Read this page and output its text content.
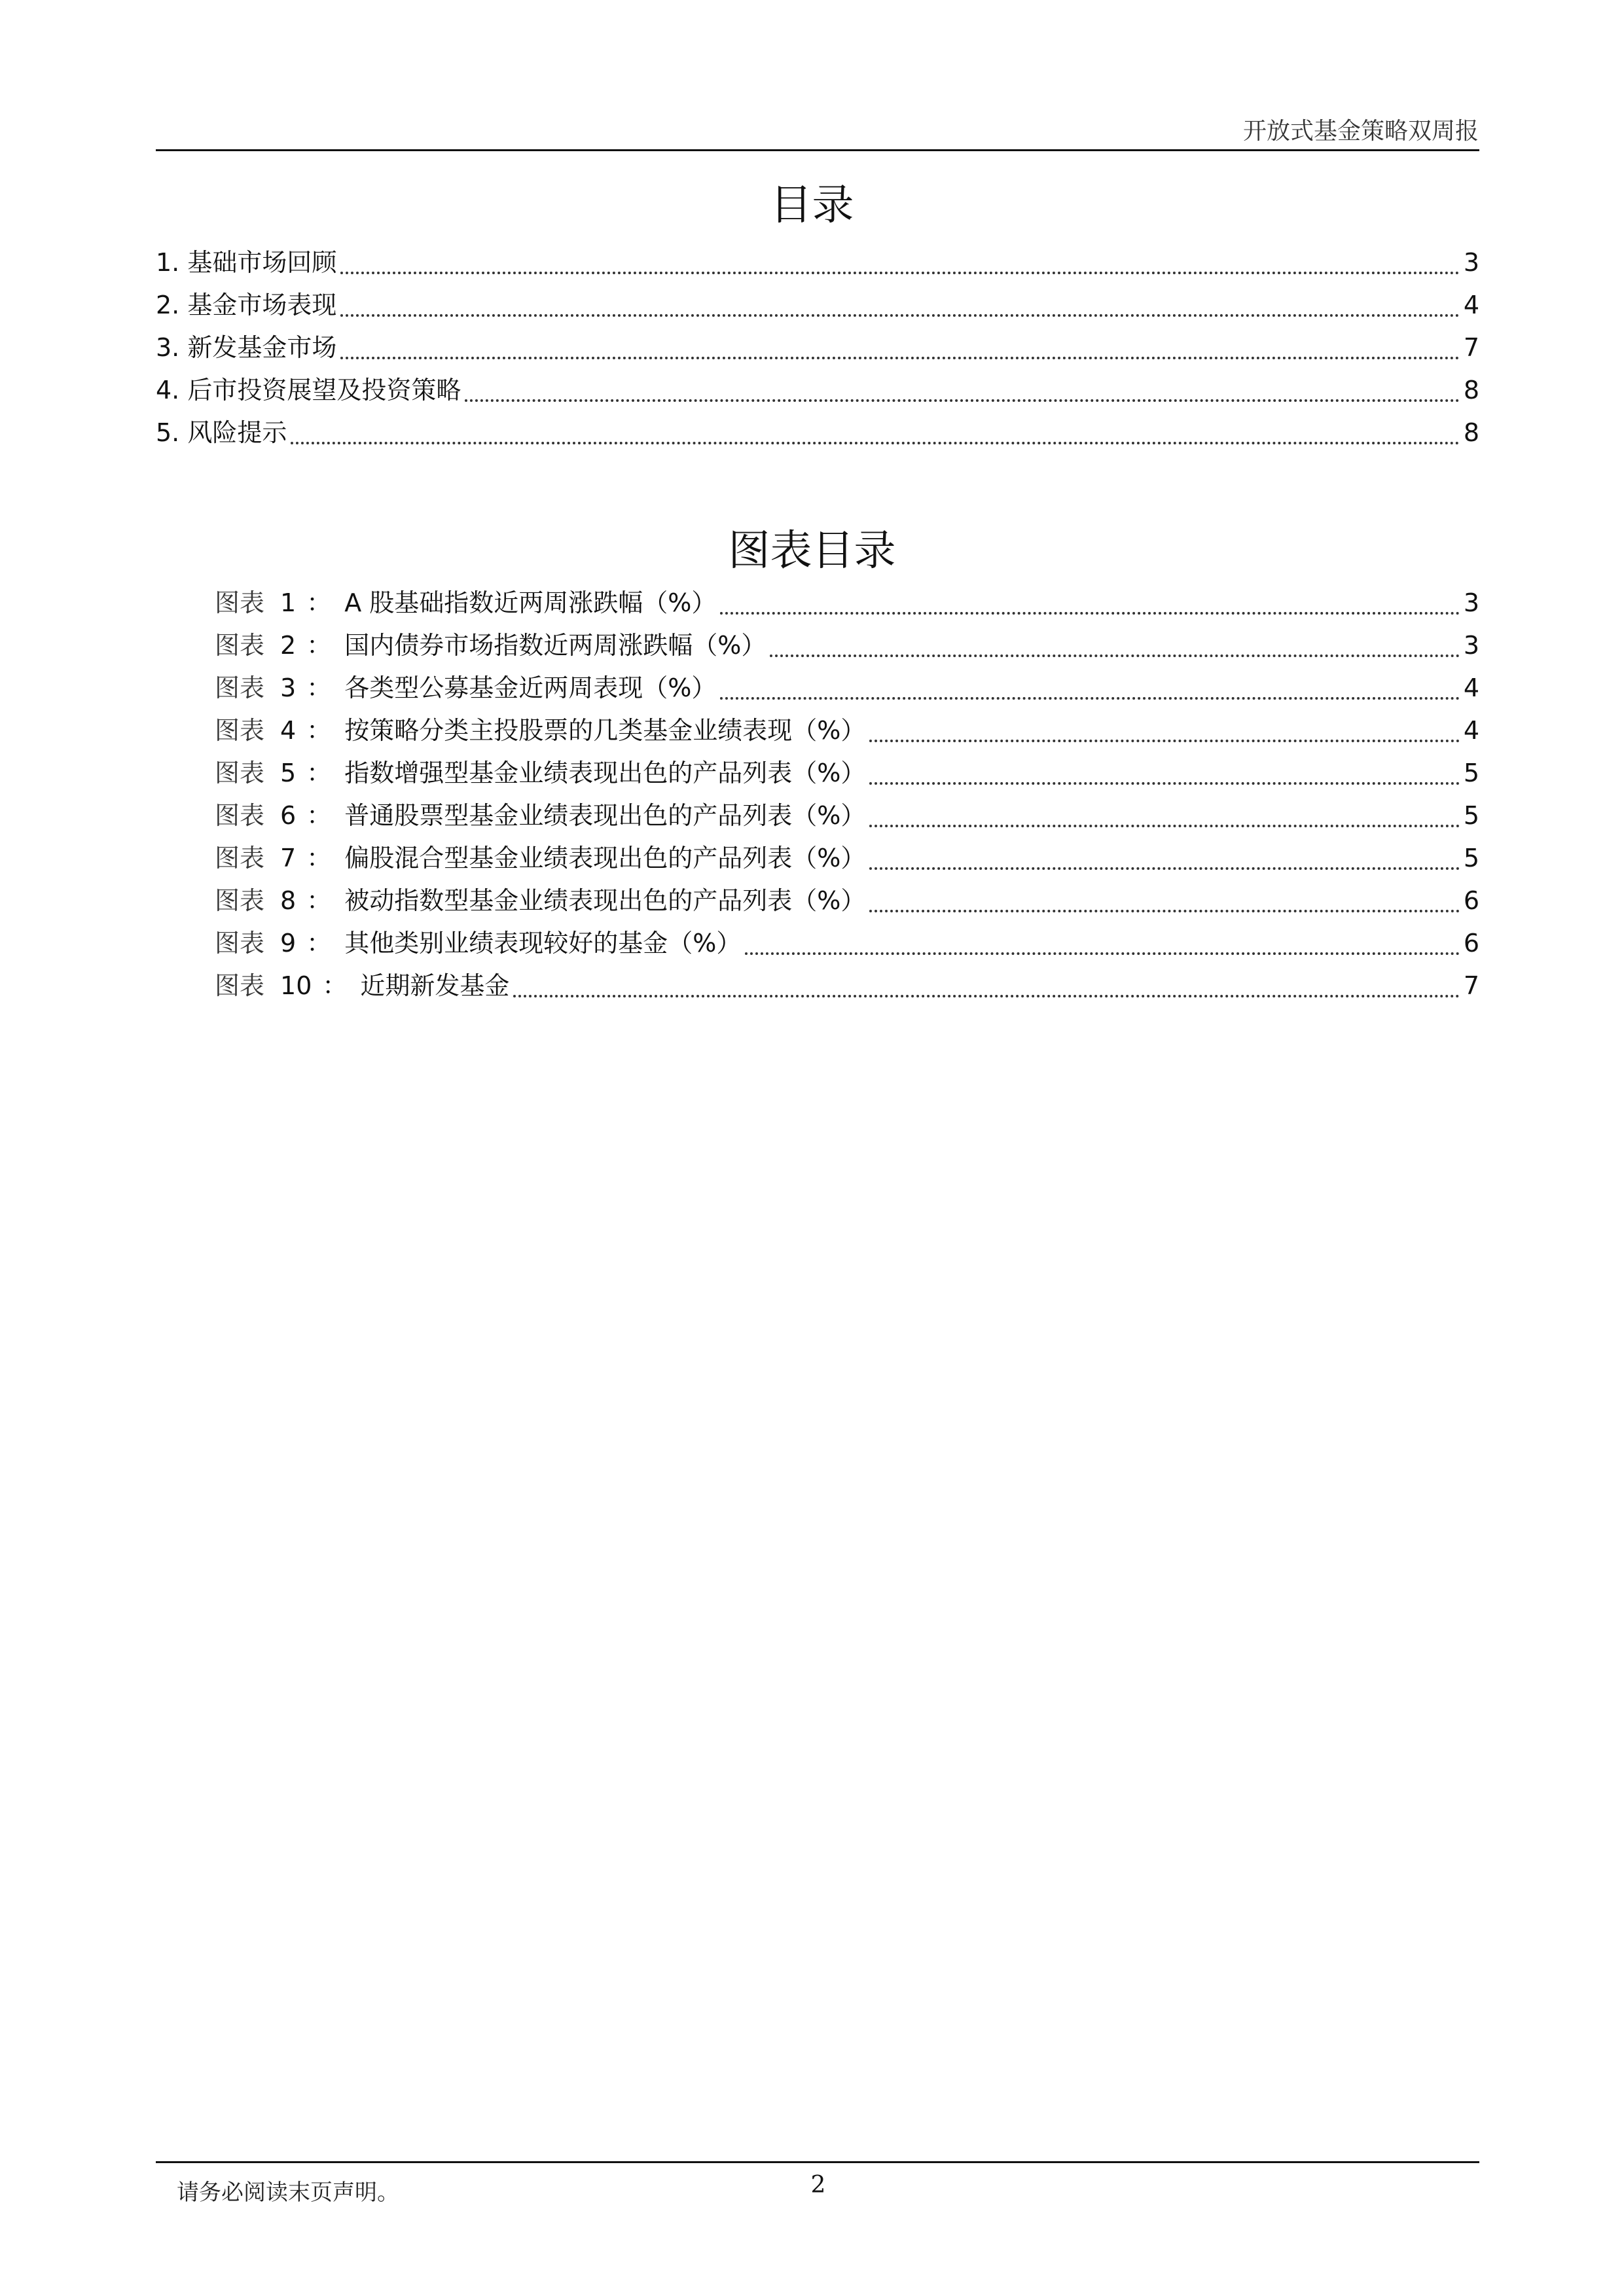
开放式基金策略双周报
目录
1. 基础市场回顾	3
2. 基金市场表现	4
3. 新发基金市场	7
4. 后市投资展望及投资策略	8
5. 风险提示	8
图表目录
图表 1 ： A 股基础指数近两周涨跌幅（%）	3
图表 2 ： 国内债券市场指数近两周涨跌幅（%）	3
图表 3 ： 各类型公募基金近两周表现（%）	4
图表 4 ： 按策略分类主投股票的几类基金业绩表现（%）	4
图表 5 ： 指数增强型基金业绩表现出色的产品列表（%）	5
图表 6 ： 普通股票型基金业绩表现出色的产品列表（%）	5
图表 7 ： 偏股混合型基金业绩表现出色的产品列表（%）	5
图表 8 ： 被动指数型基金业绩表现出色的产品列表（%）	6
图表 9 ： 其他类别业绩表现较好的基金（%）	6
图表 10 ： 近期新发基金	7
请务必阅读末页声明。	2
